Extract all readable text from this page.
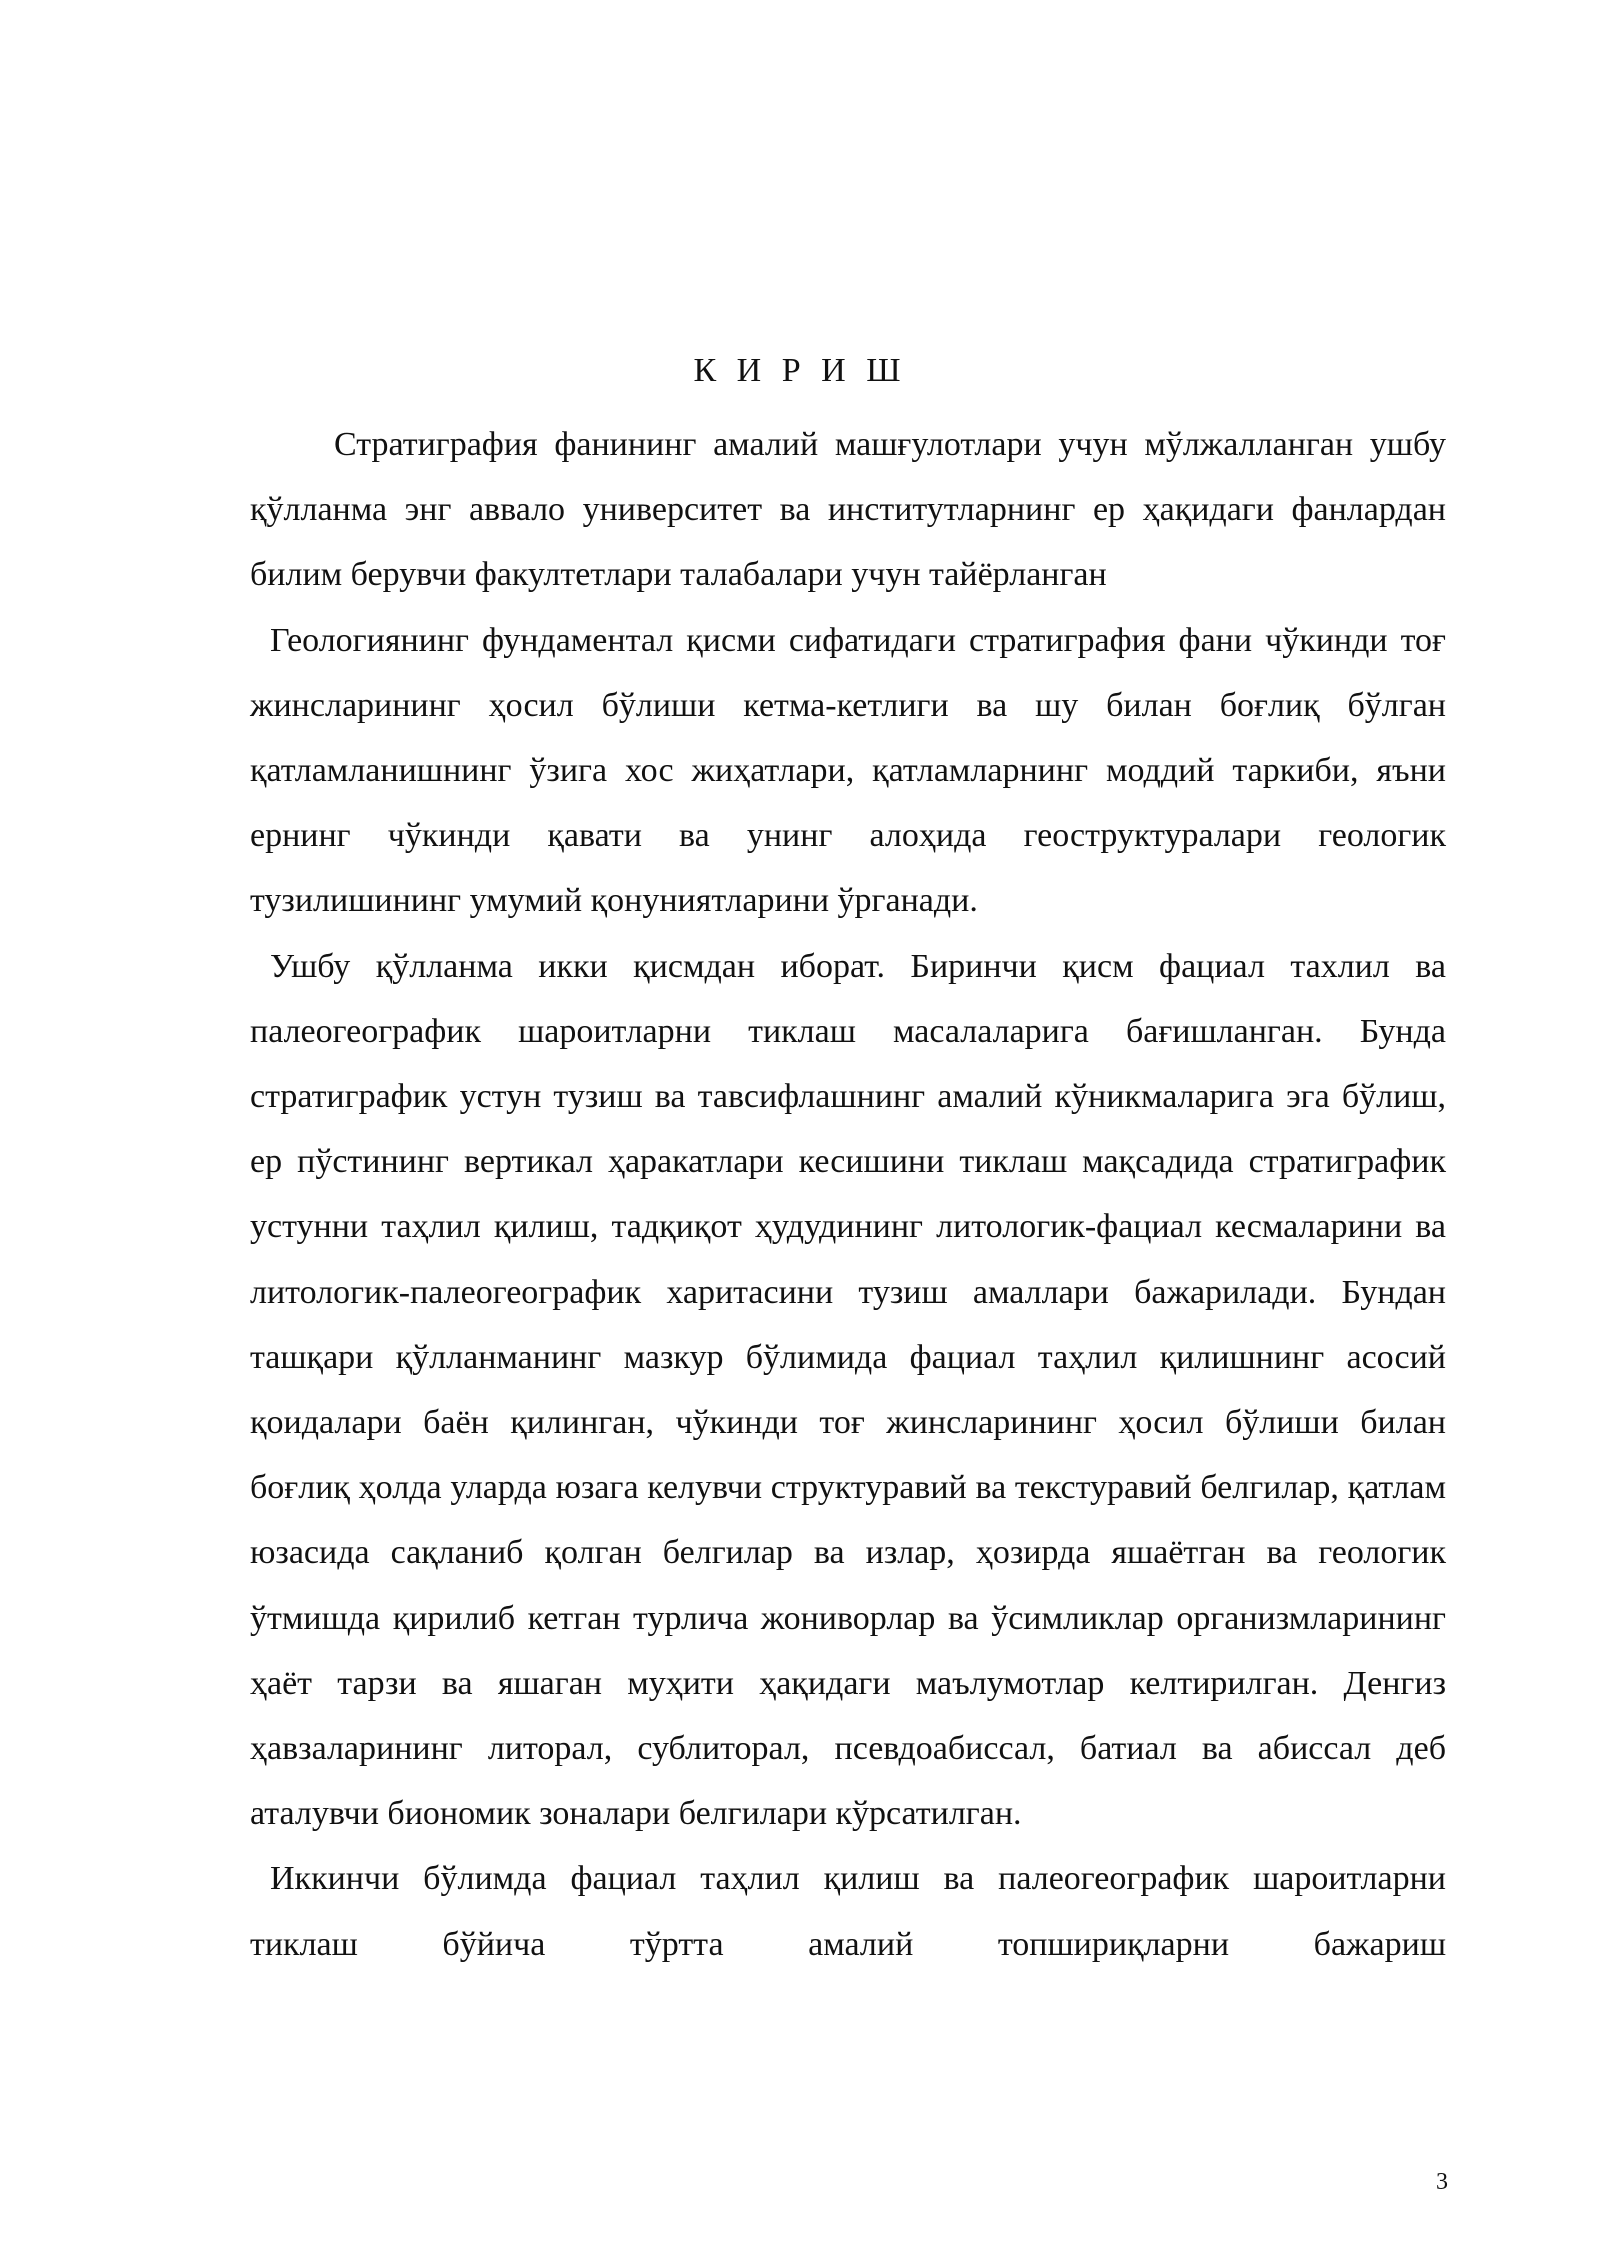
К И Р И Ш

Стратиграфия фанининг амалий машғулотлари учун мўлжалланган ушбу қўлланма энг аввало университет ва институтларнинг ер ҳақидаги фанлардан билим берувчи факултетлари талабалари учун тайёрланган

Геологиянинг фундаментал қисми сифатидаги стратиграфия фани чўкинди тоғ жинсларининг ҳосил бўлиши кетма-кетлиги ва шу билан боғлиқ бўлган қатламланишнинг ўзига хос жиҳатлари, қатламларнинг моддий таркиби, яъни ернинг чўкинди қавати ва унинг алоҳида геоструктуралари геологик тузилишининг умумий қонуниятларини ўрганади.

Ушбу қўлланма икки қисмдан иборат. Биринчи қисм фациал тахлил ва палеогеографик шароитларни тиклаш масалаларига бағишланган. Бунда стратиграфик устун тузиш ва тавсифлашнинг амалий кўникмаларига эга бўлиш, ер пўстининг вертикал ҳаракатлари кесишини тиклаш мақсадида стратиграфик устунни таҳлил қилиш, тадқиқот ҳудудининг литологик-фациал кесмаларини ва литологик-палеогеографик харитасини тузиш амаллари бажарилади. Бундан ташқари қўлланманинг мазкур бўлимида фациал таҳлил қилишнинг асосий қоидалари баён қилинган, чўкинди тоғ жинсларининг ҳосил бўлиши билан боғлиқ ҳолда уларда юзага келувчи структуравий ва текстуравий белгилар, қатлам юзасида сақланиб қолган белгилар ва излар, ҳозирда яшаётган ва геологик ўтмишда қирилиб кетган турлича жониворлар ва ўсимликлар организмларининг ҳаёт тарзи ва яшаган муҳити ҳақидаги маълумотлар келтирилган. Денгиз ҳавзаларининг литорал, сублиторал, псевдоабиссал, батиал ва абиссал деб аталувчи биономик зоналари белгилари кўрсатилган.

Иккинчи бўлимда фациал таҳлил қилиш ва палеогеографик шароитларни тиклаш бўйича тўртта амалий топшириқларни бажариш

3
